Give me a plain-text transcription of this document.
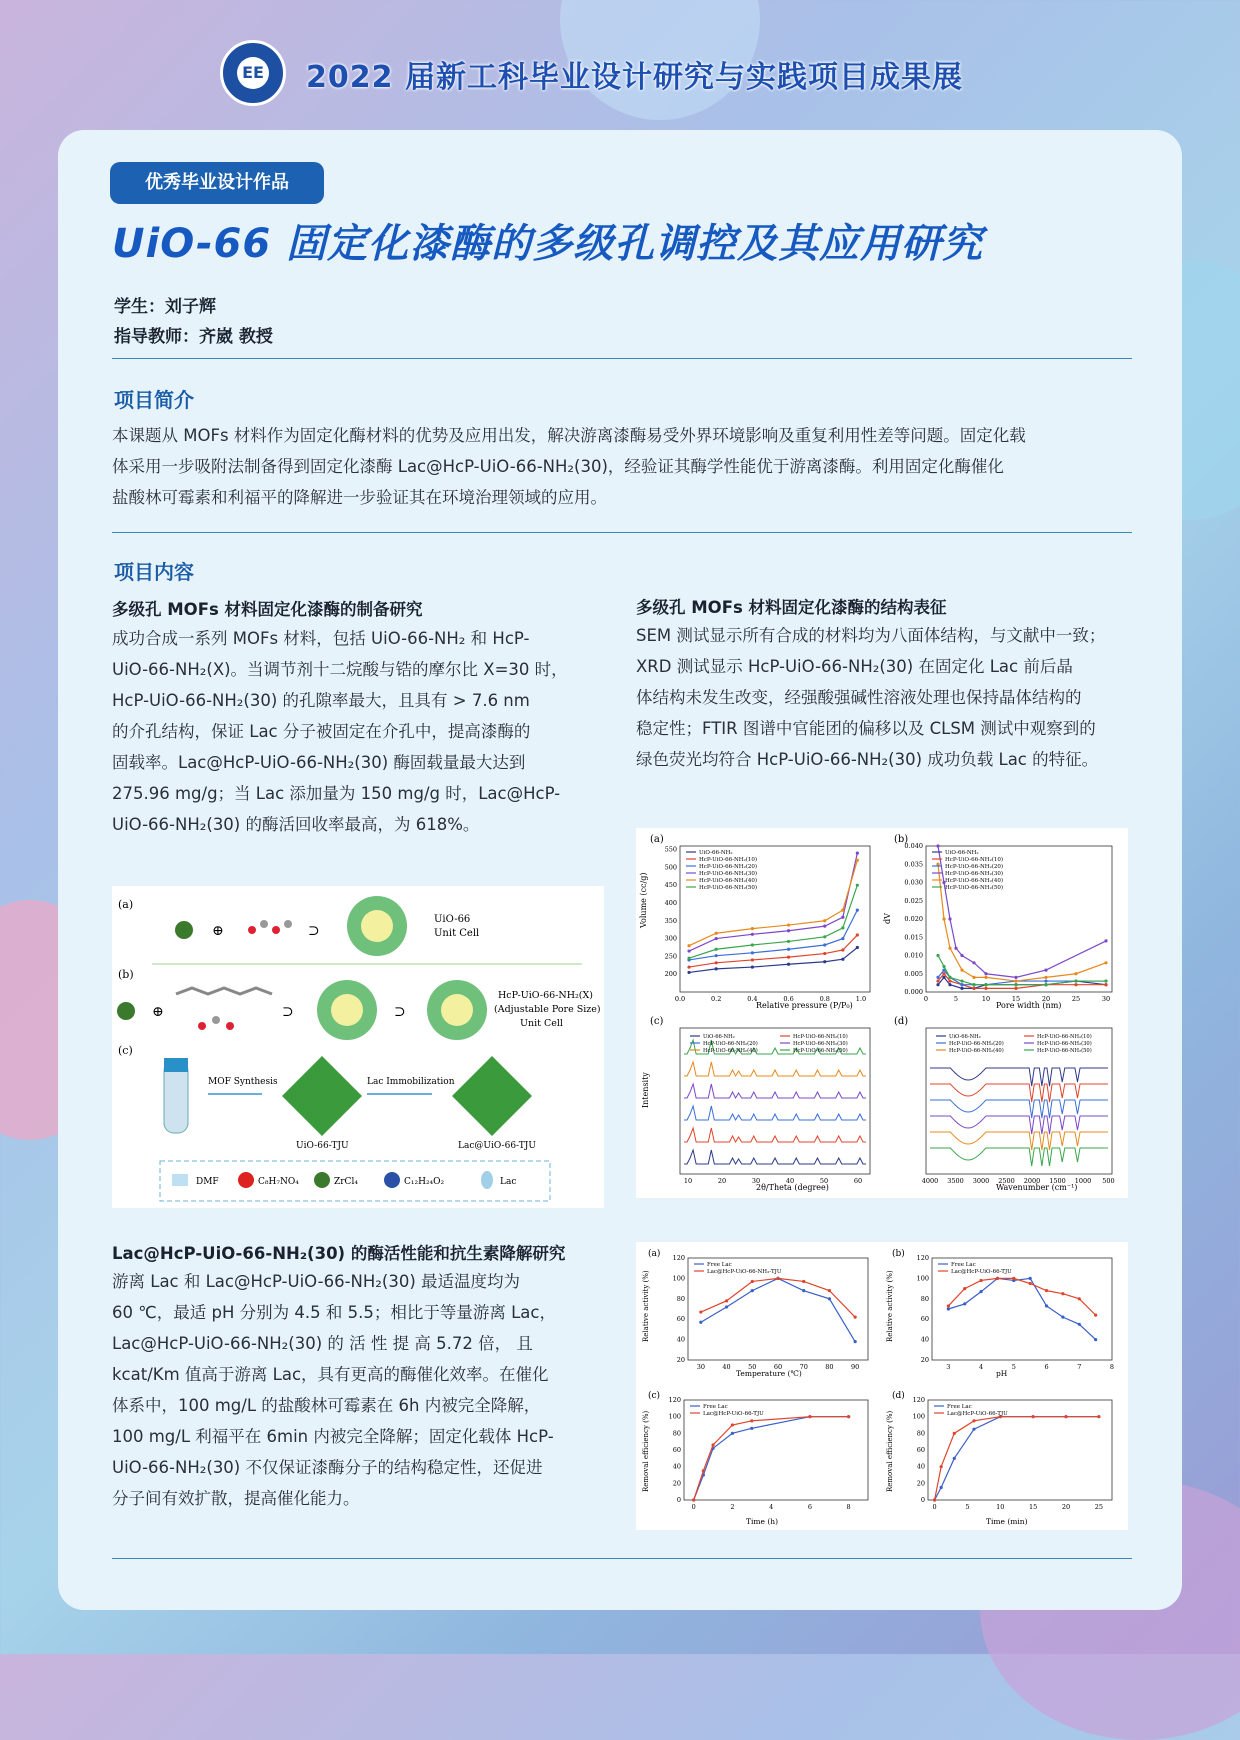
EE 2022 届新工科毕业设计研究与实践项目成果展
优秀毕业设计作品
UiO-66 固定化漆酶的多级孔调控及其应用研究
学生：刘子辉
指导教师：齐崴 教授
项目简介
本课题从 MOFs 材料作为固定化酶材料的优势及应用出发，解决游离漆酶易受外界环境影响及重复利用性差等问题。固定化载
体采用一步吸附法制备得到固定化漆酶 Lac@HcP-UiO-66-NH₂(30)，经验证其酶学性能优于游离漆酶。利用固定化酶催化
盐酸林可霉素和利福平的降解进一步验证其在环境治理领域的应用。
项目内容
多级孔 MOFs 材料固定化漆酶的制备研究
成功合成一系列 MOFs 材料，包括 UiO-66-NH₂ 和 HcP-
UiO-66-NH₂(X)。当调节剂十二烷酸与锆的摩尔比 X=30 时，
HcP-UiO-66-NH₂(30) 的孔隙率最大，且具有 > 7.6 nm
的介孔结构，保证 Lac 分子被固定在介孔中，提高漆酶的
固载率。Lac@HcP-UiO-66-NH₂(30) 酶固载量最大达到
275.96 mg/g；当 Lac 添加量为 150 mg/g 时，Lac@HcP-
UiO-66-NH₂(30) 的酶活回收率最高，为 618%。
多级孔 MOFs 材料固定化漆酶的结构表征
SEM 测试显示所有合成的材料均为八面体结构，与文献中一致；
XRD 测试显示 HcP-UiO-66-NH₂(30) 在固定化 Lac 前后晶
体结构未发生改变，经强酸强碱性溶液处理也保持晶体结构的
稳定性；FTIR 图谱中官能团的偏移以及 CLSM 测试中观察到的
绿色荧光均符合 HcP-UiO-66-NH₂(30) 成功负载 Lac 的特征。
(a)
⊕	⊃
UiO-66
Unit Cell
(b)
⊕	⊃	⊃
HcP-UiO-66-NH₂(X)
(Adjustable Pore Size)
Unit Cell
(c)
MOF Synthesis	Lac Immobilization
UiO-66-TJU	Lac@UiO-66-TJU
DMF	C₈H₇NO₄	ZrCl₄	C₁₂H₂₄O₂	Lac
(a)	(b)
(c)	(d)
Relative pressure (P/P₀)
Volume (cc/g)
Pore width (nm)
dV
2θ/Theta (degree)
Intensity
Wavenumber (cm⁻¹)
0.0	0.2	0.4	0.6	0.8	1.0
200
250
300
350
400
450
500
550	UiO-66-NH₂
HcP-UiO-66-NH₂(10)
HcP-UiO-66-NH₂(20)
HcP-UiO-66-NH₂(30)
HcP-UiO-66-NH₂(40)
HcP-UiO-66-NH₂(50)
0	5	10	15	20	25	30
0.000
0.005
0.010
0.015
0.020
0.025
0.030
0.035
0.040
UiO-66-NH₂
HcP-UiO-66-NH₂(10)
HcP-UiO-66-NH₂(20)
HcP-UiO-66-NH₂(30)
HcP-UiO-66-NH₂(40)
HcP-UiO-66-NH₂(50)
10	20	30	40	50	60
UiO-66-NH₂	HcP-UiO-66-NH₂(10)
HcP-UiO-66-NH₂(20)	HcP-UiO-66-NH₂(30)
HcP-UiO-66-NH₂(40)	HcP-UiO-66-NH₂(50)
4000 3500 3000 2500 2000 1500 1000 500
UiO-66-NH₂	HcP-UiO-66-NH₂(10)
HcP-UiO-66-NH₂(20)	HcP-UiO-66-NH₂(30)
HcP-UiO-66-NH₂(40)	HcP-UiO-66-NH₂(50)
Lac@HcP-UiO-66-NH₂(30) 的酶活性能和抗生素降解研究
游离 Lac 和 Lac@HcP-UiO-66-NH₂(30) 最适温度均为
60 ℃，最适 pH 分别为 4.5 和 5.5；相比于等量游离 Lac，
Lac@HcP-UiO-66-NH₂(30) 的 活 性 提 高 5.72 倍， 且
kcat/Km 值高于游离 Lac，具有更高的酶催化效率。在催化
体系中，100 mg/L 的盐酸林可霉素在 6h 内被完全降解，
100 mg/L 利福平在 6min 内被完全降解；固定化载体 HcP-
UiO-66-NH₂(30) 不仅保证漆酶分子的结构稳定性，还促进
分子间有效扩散，提高催化能力。
(a)	(b)
(c)	(d)
Temperature (℃)
Relative activity (%)
pH
Relative activity (%)
Time (h)
Removal efficiency (%)
Time (min)
Removal efficiency (%)
30	40	50	60	70	80	90
20
40
60
80
100
120
Free Lac
Lac@HcP-UiO-66-NH₂-TJU
3	4	5	6	7	8
20
40
60
80
100
120
Free Lac
Lac@HcP-UiO-66-TJU
0	2	4	6	8
0
20
40
60
80
100
120
Free Lac
Lac@HcP-UiO-66-TJU
0	5	10	15	20	25
0
20
40
60
80
100
120
Free Lac
Lac@HcP-UiO-66-TJU
